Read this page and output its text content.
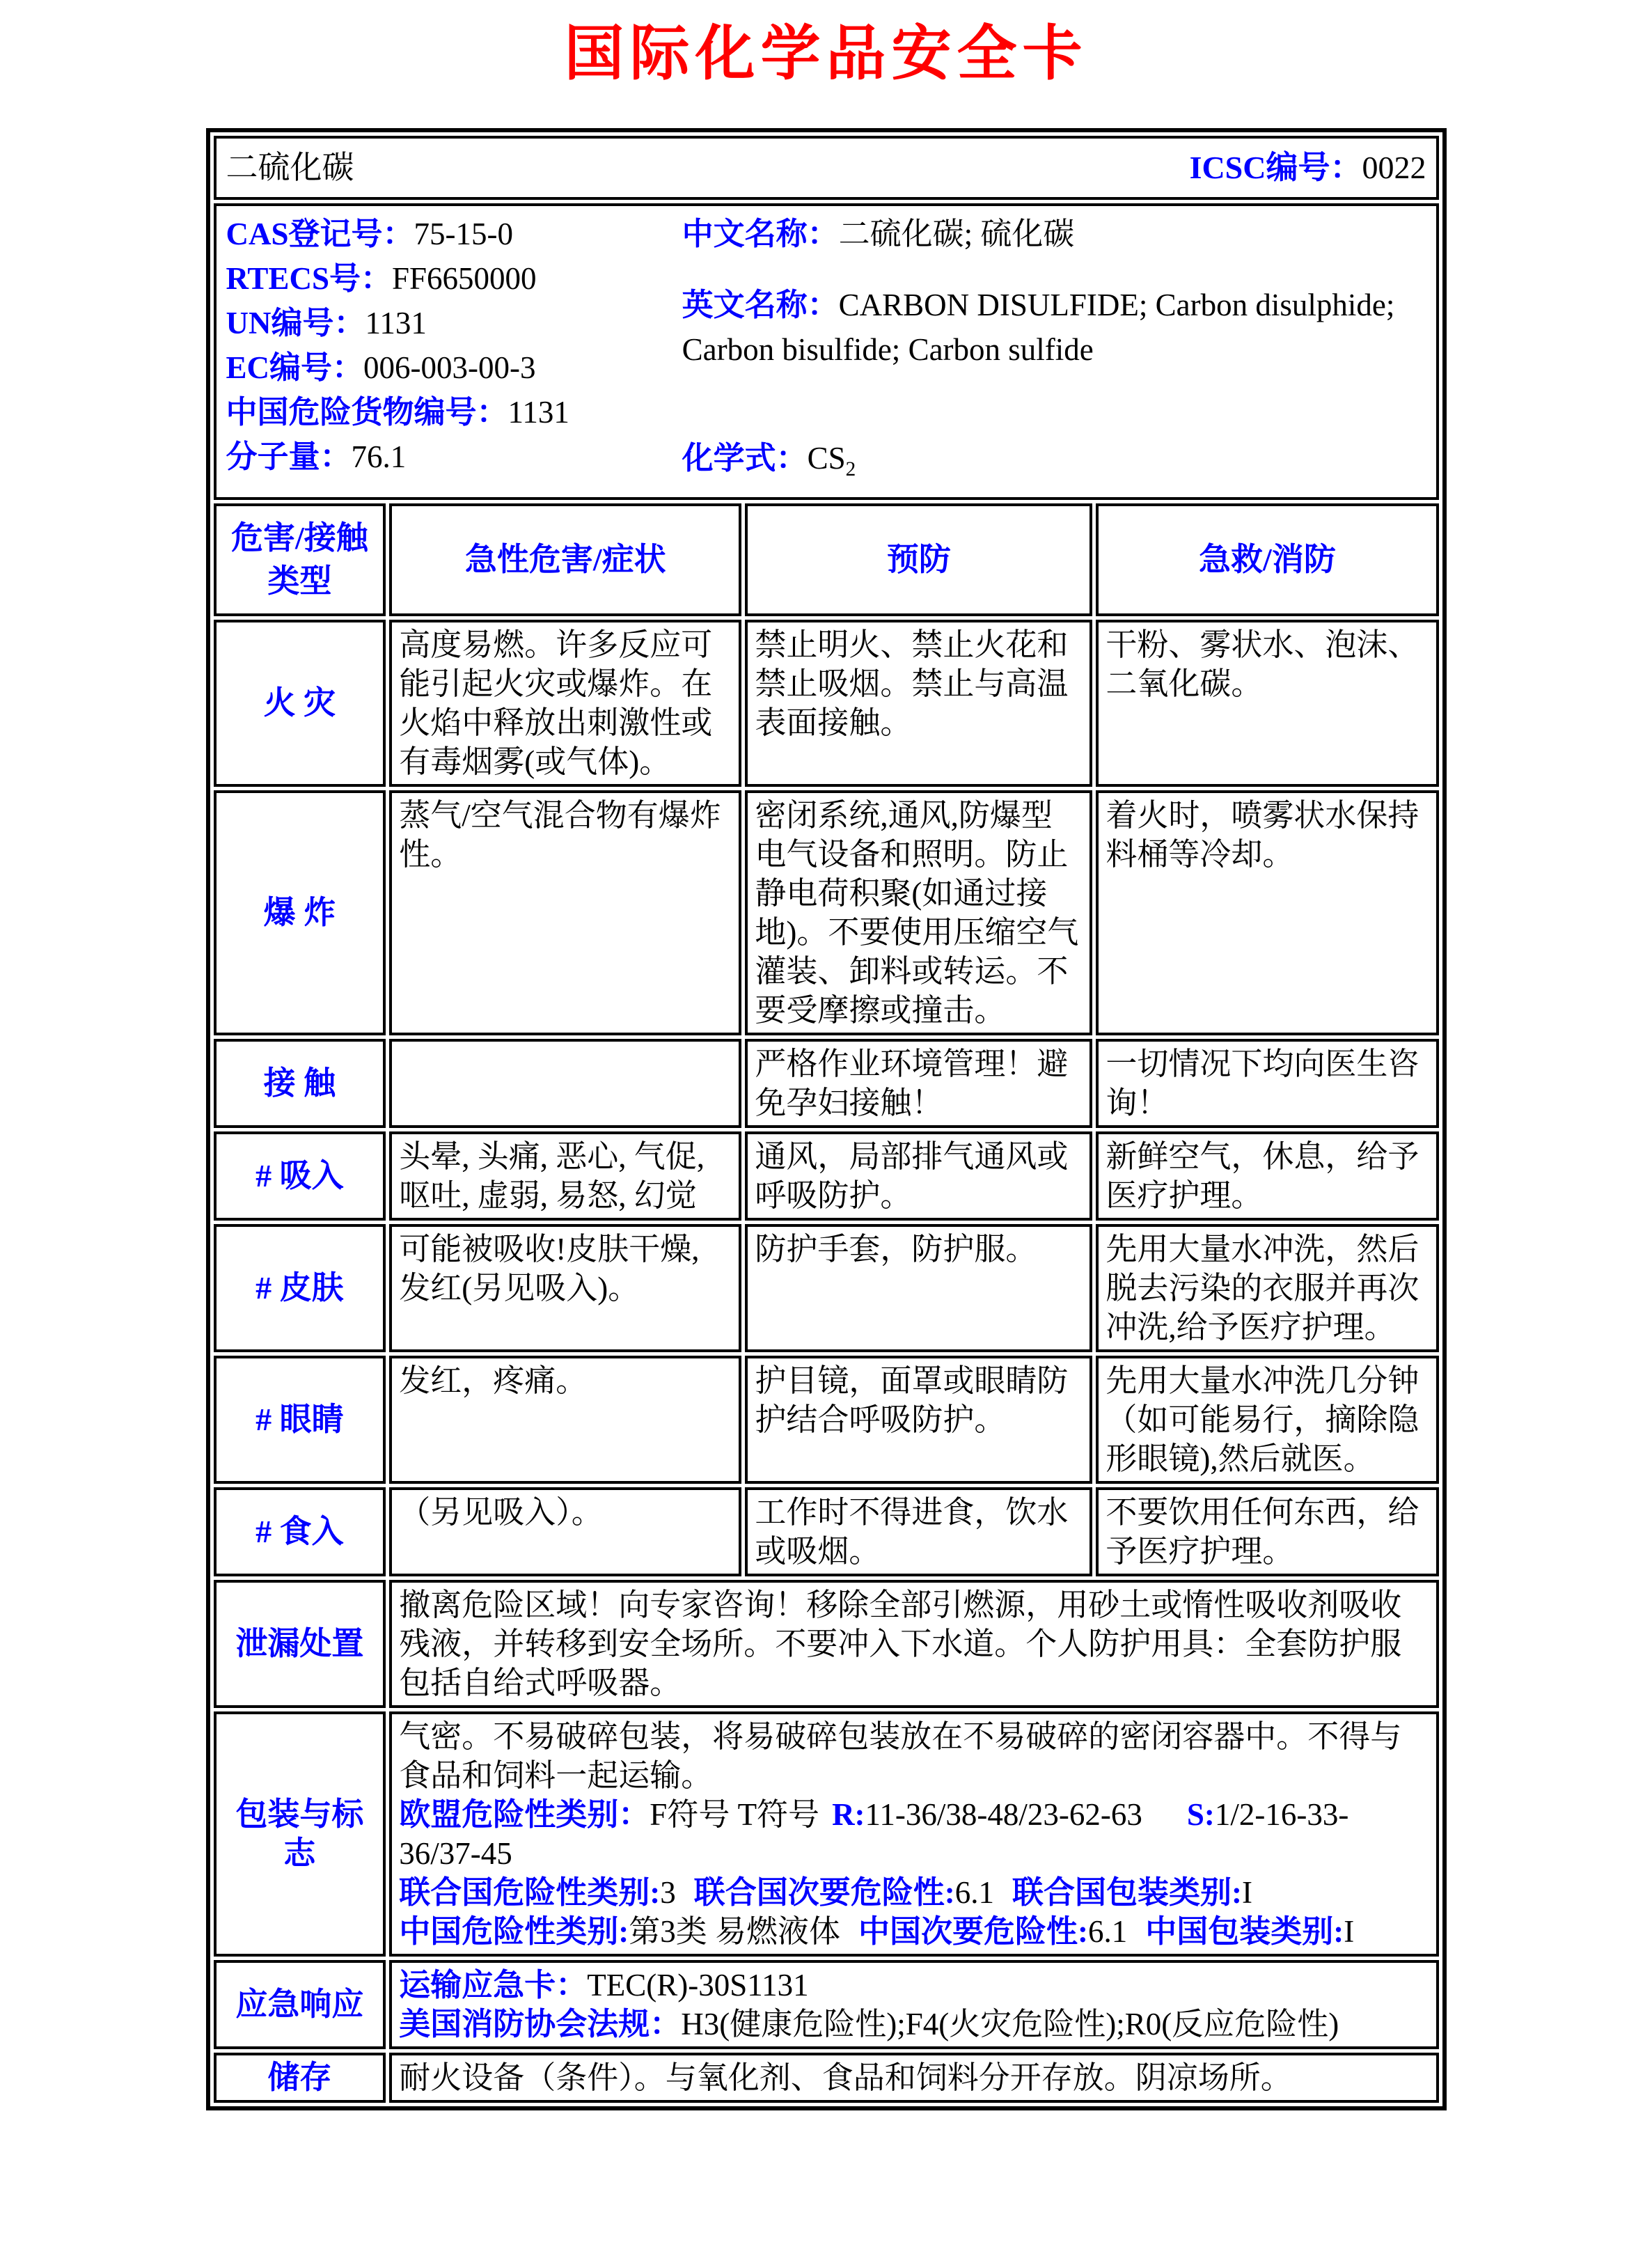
国际化学品安全卡
二硫化碳 ICSC编号：0022			

CAS登记号：75-15-0
RTECS号：FF6650000
UN编号：1131
EC编号：006-003-00-3
中国危险货物编号：1131
分子量：76.1
中文名称：二硫化碳; 硫化碳
英文名称：CARBON DISULFIDE; Carbon disulphide; Carbon bisulfide; Carbon sulfide
化学式：$CS_2$

危害/接触类型	急性危害/症状	预防	急救/消防
火 灾	高度易燃。许多反应可能引起火灾或爆炸。在火焰中释放出刺激性或有毒烟雾(或气体)。	禁止明火、禁止火花和禁止吸烟。禁止与高温表面接触。	干粉、雾状水、泡沫、二氧化碳。
爆 炸	蒸气/空气混合物有爆炸性。	密闭系统,通风,防爆型电气设备和照明。防止静电荷积聚(如通过接地)。不要使用压缩空气灌装、卸料或转运。不要受摩擦或撞击。	着火时，喷雾状水保持料桶等冷却。
接 触		严格作业环境管理！避免孕妇接触！	一切情况下均向医生咨询！
# 吸入	头晕, 头痛, 恶心, 气促, 呕吐, 虚弱, 易怒, 幻觉	通风，局部排气通风或呼吸防护。	新鲜空气，休息，给予医疗护理。
# 皮肤	可能被吸收!皮肤干燥, 发红(另见吸入)。	防护手套，防护服。	先用大量水冲洗，然后脱去污染的衣服并再次冲洗,给予医疗护理。
# 眼睛	发红，疼痛。	护目镜，面罩或眼睛防护结合呼吸防护。	先用大量水冲洗几分钟（如可能易行，摘除隐形眼镜),然后就医。
# 食入	（另见吸入）。	工作时不得进食，饮水或吸烟。	不要饮用任何东西，给予医疗护理。
泄漏处置	撤离危险区域！向专家咨询！移除全部引燃源，用砂土或惰性吸收剂吸收残液，并转移到安全场所。不要冲入下水道。个人防护用具：全套防护服包括自给式呼吸器。		
包装与标志	气密。不易破碎包装，将易破碎包装放在不易破碎的密闭容器中。不得与食品和饲料一起运输。
欧盟危险性类别：F符号 T符号 R:11-36/38-48/23-62-63 S:1/2-16-33-36/37-45
联合国危险性类别:3 联合国次要危险性:6.1 联合国包装类别:I
中国危险性类别:第3类 易燃液体 中国次要危险性:6.1 中国包装类别:I		

应急响应	运输应急卡：TEC(R)-30S1131
美国消防协会法规：H3(健康危险性);F4(火灾危险性);R0(反应危险性)		

储存	耐火设备（条件）。与氧化剂、食品和饲料分开存放。阴凉场所。		
